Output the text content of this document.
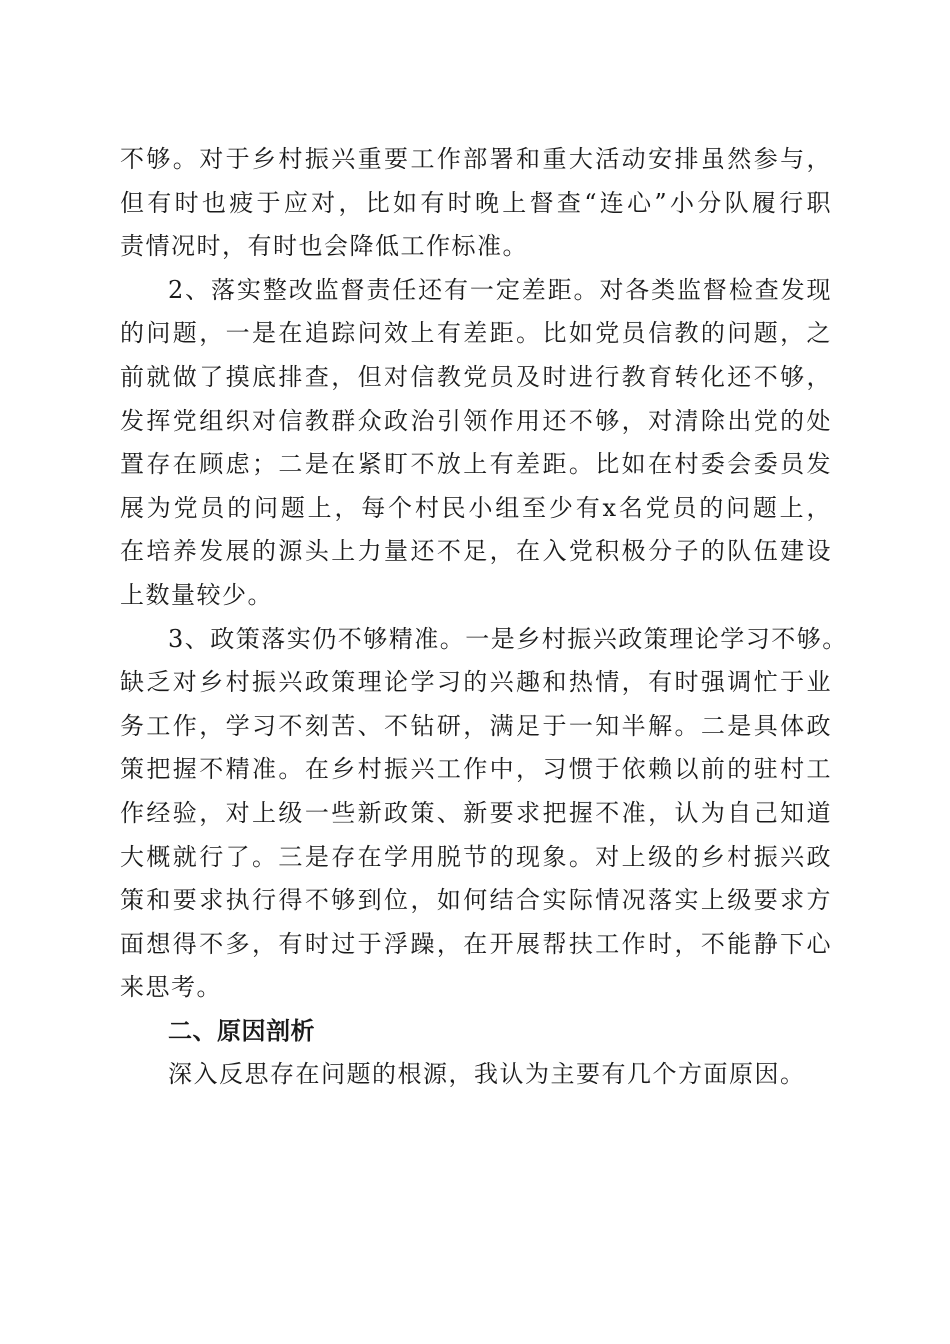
不够。对于乡村振兴重要工作部署和重大活动安排虽然参与，
但有时也疲于应对，比如有时晚上督查“连心”小分队履行职
责情况时，有时也会降低工作标准。
2、落实整改监督责任还有一定差距。对各类监督检查发现
的问题，一是在追踪问效上有差距。比如党员信教的问题，之
前就做了摸底排查，但对信教党员及时进行教育转化还不够，
发挥党组织对信教群众政治引领作用还不够，对清除出党的处
置存在顾虑；二是在紧盯不放上有差距。比如在村委会委员发
展为党员的问题上，每个村民小组至少有x名党员的问题上，
在培养发展的源头上力量还不足，在入党积极分子的队伍建设
上数量较少。
3、政策落实仍不够精准。一是乡村振兴政策理论学习不够。
缺乏对乡村振兴政策理论学习的兴趣和热情，有时强调忙于业
务工作，学习不刻苦、不钻研，满足于一知半解。二是具体政
策把握不精准。在乡村振兴工作中，习惯于依赖以前的驻村工
作经验，对上级一些新政策、新要求把握不准，认为自己知道
大概就行了。三是存在学用脱节的现象。对上级的乡村振兴政
策和要求执行得不够到位，如何结合实际情况落实上级要求方
面想得不多，有时过于浮躁，在开展帮扶工作时，不能静下心
来思考。
二、原因剖析
深入反思存在问题的根源，我认为主要有几个方面原因。
